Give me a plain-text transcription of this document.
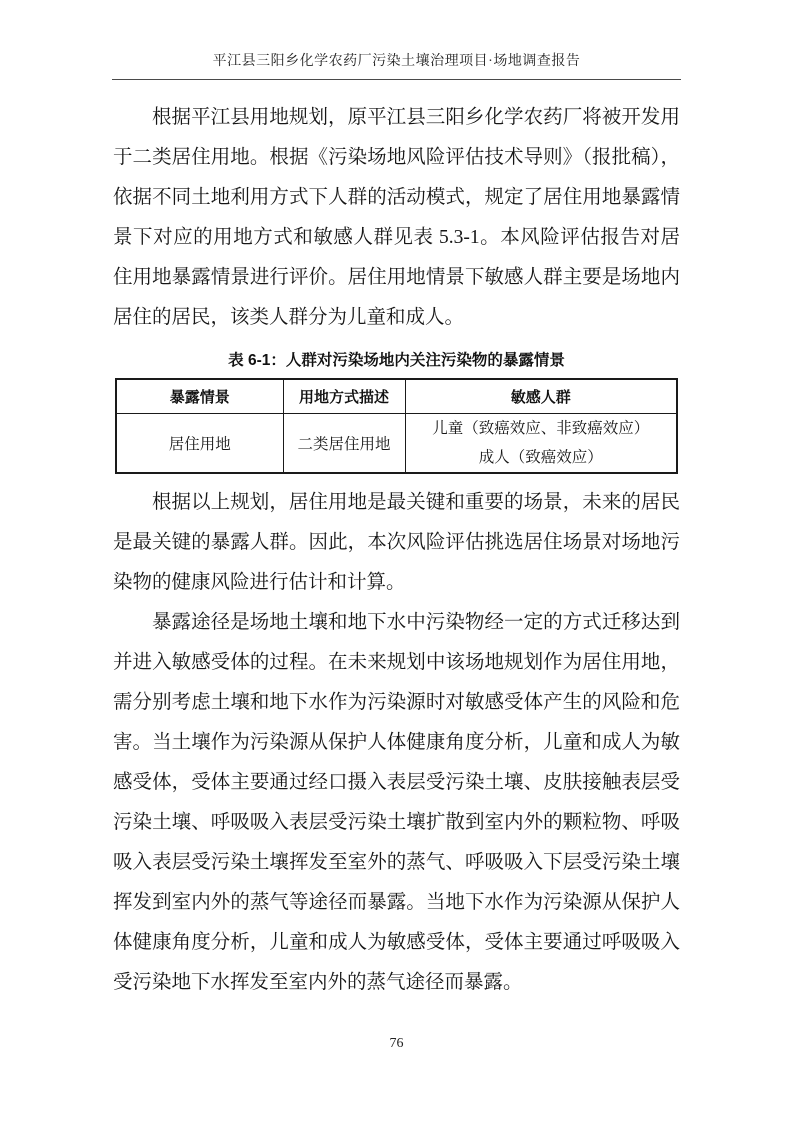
平江县三阳乡化学农药厂污染土壤治理项目·场地调查报告

根据平江县用地规划，原平江县三阳乡化学农药厂将被开发用于二类居住用地。根据《污染场地风险评估技术导则》（报批稿），依据不同土地利用方式下人群的活动模式，规定了居住用地暴露情景下对应的用地方式和敏感人群见表 5.3-1。本风险评估报告对居住用地暴露情景进行评价。居住用地情景下敏感人群主要是场地内居住的居民，该类人群分为儿童和成人。

表 6-1：人群对污染场地内关注污染物的暴露情景
暴露情景	用地方式描述	敏感人群
居住用地	二类居住用地	儿童（致癌效应、非致癌效应）
成人（致癌效应）

根据以上规划，居住用地是最关键和重要的场景，未来的居民是最关键的暴露人群。因此，本次风险评估挑选居住场景对场地污染物的健康风险进行估计和计算。

暴露途径是场地土壤和地下水中污染物经一定的方式迁移达到并进入敏感受体的过程。在未来规划中该场地规划作为居住用地，需分别考虑土壤和地下水作为污染源时对敏感受体产生的风险和危害。当土壤作为污染源从保护人体健康角度分析，儿童和成人为敏感受体，受体主要通过经口摄入表层受污染土壤、皮肤接触表层受污染土壤、呼吸吸入表层受污染土壤扩散到室内外的颗粒物、呼吸吸入表层受污染土壤挥发至室外的蒸气、呼吸吸入下层受污染土壤挥发到室内外的蒸气等途径而暴露。当地下水作为污染源从保护人体健康角度分析，儿童和成人为敏感受体，受体主要通过呼吸吸入受污染地下水挥发至室内外的蒸气途径而暴露。

76
